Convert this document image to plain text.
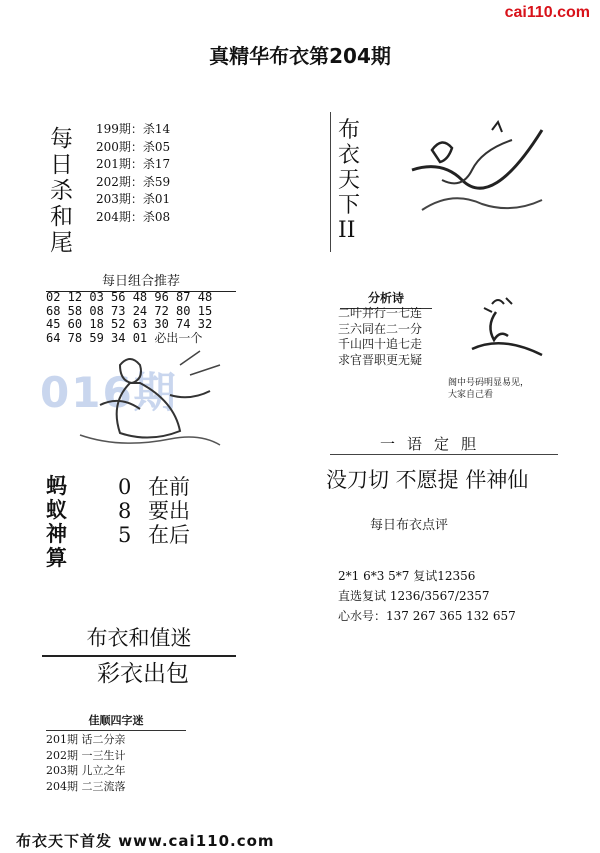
cai110.com
真精华布衣第204期
每
日
杀
和
尾
199期：杀14
200期：杀05
201期：杀17
202期：杀59
203期：杀01
204期：杀08
每日组合推荐
016期
02 12 03 56 48 96 87 48
68 58 08 73 24 72 80 15
45 60 18 52 63 30 74 32
64 78 59 34 01 必出一个
蚂
蚁
神
算
0 在前
8 要出
5 在后
布衣和值迷
彩衣出包
佳顺四字迷
201期 话二分亲
202期 一三生计
203期 儿立之年
204期 二三流落
布
衣
天
下
II
分析诗
二叶并行一七连
三六同在二一分
千山四十追七走
求官晋职更无疑
阁中号码明显易见，
大家自己看
一语定胆
没刀切 不愿提 伴神仙
每日布衣点评
2*1 6*3 5*7 复试12356
直选复试 1236/3567/2357
心水号：137 267 365 132 657
布衣天下首发 www.cai110.com
